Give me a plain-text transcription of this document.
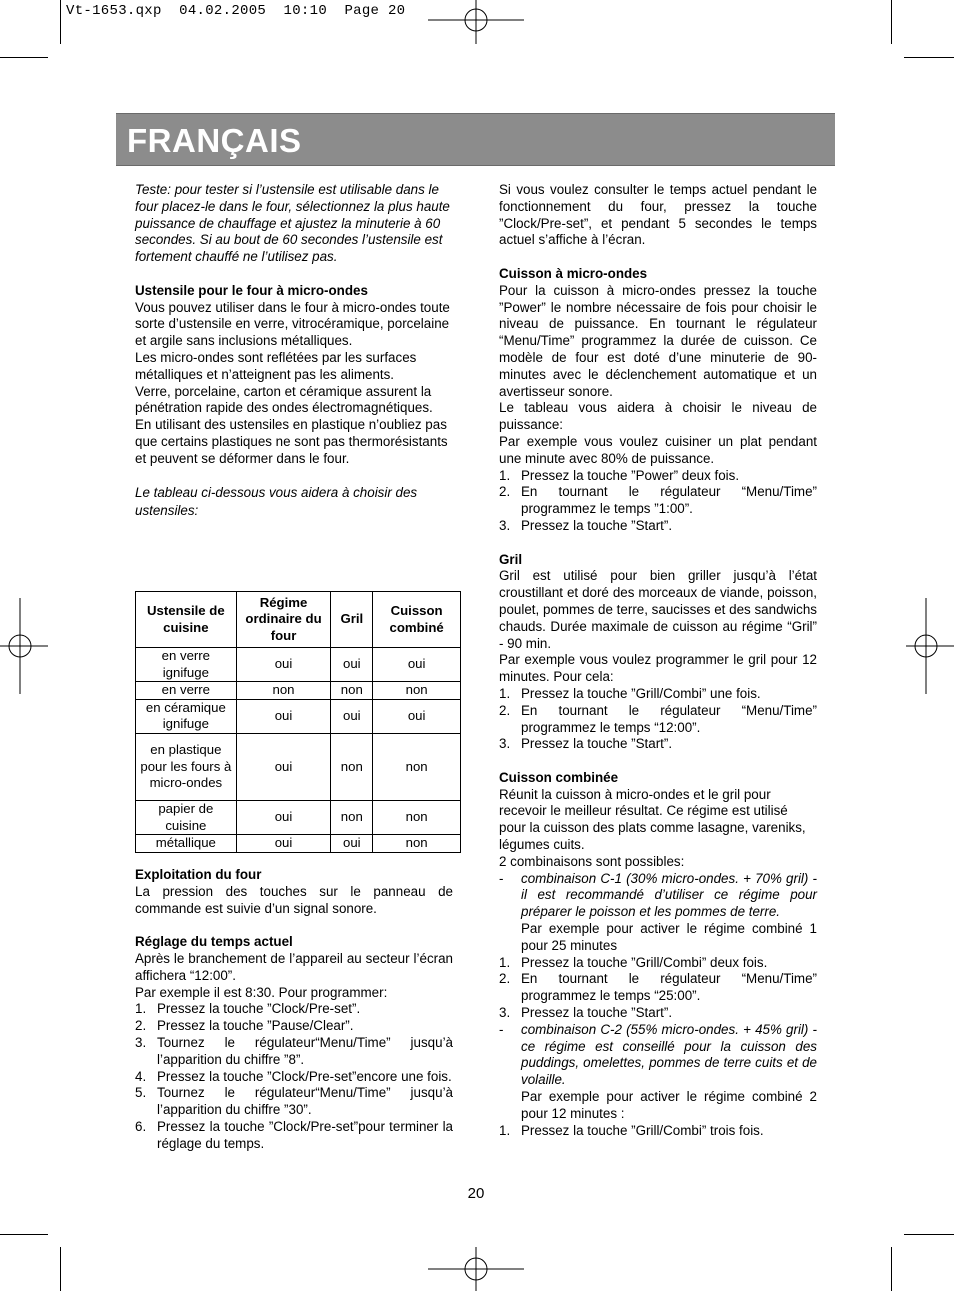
Vt-1653.qxp  04.02.2005  10:10  Page 20
FRANÇAIS

Teste: pour tester si l’ustensile est utilisable dans le four placez-le dans le four, sélectionnez la plus haute puissance de chauffage et ajustez la minuterie à 60 secondes. Si au bout de 60 secondes l’ustensile est fortement chauffé ne l’utilisez pas.

Ustensile pour le four à micro-ondes

Vous pouvez utiliser dans le four à micro-ondes toute sorte d’ustensile en verre, vitrocéramique, porcelaine et argile sans inclusions métalliques.

Les micro-ondes sont reflétées par les surfaces métalliques et n’atteignent pas les aliments.

Verre, porcelaine, carton et céramique assurent la pénétration rapide des ondes électromagnétiques.

En utilisant des ustensiles en plastique n’oubliez pas que certains plastiques ne sont pas thermorésistants et peuvent se déformer dans le four.

Le tableau ci-dessous vous aidera à choisir des ustensiles:

Ustensile de cuisine	Régime ordinaire du four	Gril	Cuisson combiné
en verre ignifuge	oui	oui	oui
en verre	non	non	non
en céramique ignifuge	oui	oui	oui
en plastique pour les fours à micro-ondes	oui	non	non
papier de cuisine	oui	non	non
métallique	oui	oui	non

Exploitation du four

La pression des touches sur le panneau de commande est suivie d’un signal sonore.

Réglage du temps actuel

Après le branchement de l’appareil au secteur l’écran affichera “12:00”.

Par exemple il est 8:30. Pour programmer:

1. Pressez la touche ”Clock/Pre-set”.
2. Pressez la touche ”Pause/Clear”.
3. Tournez le régulateur“Menu/Time” jusqu’à l’apparition du chiffre ”8”.
4. Pressez la touche ”Clock/Pre-set”encore une fois.
5. Tournez le régulateur“Menu/Time” jusqu’à l’apparition du chiffre ”30”.
6. Pressez la touche ”Clock/Pre-set”pour terminer la réglage du temps.

Si vous voulez consulter le temps actuel pendant le fonctionnement du four, pressez la touche ”Clock/Pre-set”, et pendant 5 secondes le temps actuel s’affiche à l’écran.

Cuisson à micro-ondes

Pour la cuisson à micro-ondes pressez la touche ”Power” le nombre nécessaire de fois pour choisir le niveau de puissance. En tournant le régulateur “Menu/Time” programmez la durée de cuisson. Ce modèle de four est doté d’une minuterie de 90-minutes avec le déclenchement automatique et un avertisseur sonore.

Le tableau vous aidera à choisir le niveau de puissance:

Par exemple vous voulez cuisiner un plat pendant une minute avec 80% de puissance.

1. Pressez la touche ”Power” deux fois.
2. En tournant le régulateur “Menu/Time” programmez le temps ”1:00”.
3. Pressez la touche ”Start”.

Gril

Gril est utilisé pour bien griller jusqu’à l’état croustillant et doré des morceaux de viande, poisson, poulet, pommes de terre, saucisses et des sandwichs chauds. Durée maximale de cuisson au régime “Gril” - 90 min.

Par exemple vous voulez programmer le gril pour 12 minutes. Pour cela:

1. Pressez la touche ”Grill/Combi” une fois.
2. En tournant le régulateur “Menu/Time” programmez le temps “12:00”.
3. Pressez la touche ”Start”.

Cuisson combinée

Réunit la cuisson à micro-ondes et le gril pour recevoir le meilleur résultat. Ce régime est utilisé pour la cuisson des plats comme lasagne, vareniks, légumes cuits.

2 combinaisons sont possibles:

- combinaison C-1 (30% micro-ondes. + 70% gril) - il est recommandé d’utiliser ce régime pour préparer le poisson et les pommes de terre.

Par exemple pour activer le régime combiné 1 pour 25 minutes

1. Pressez la touche ”Grill/Combi” deux fois.
2. En tournant le régulateur “Menu/Time” programmez le temps “25:00”.
3. Pressez la touche ”Start”.
- combinaison C-2 (55% micro-ondes. + 45% gril) - ce régime est conseillé pour la cuisson des puddings, omelettes, pommes de terre cuits et de volaille.

Par exemple pour activer le régime combiné 2 pour 12 minutes :

1. Pressez la touche ”Grill/Combi” trois fois.
20
